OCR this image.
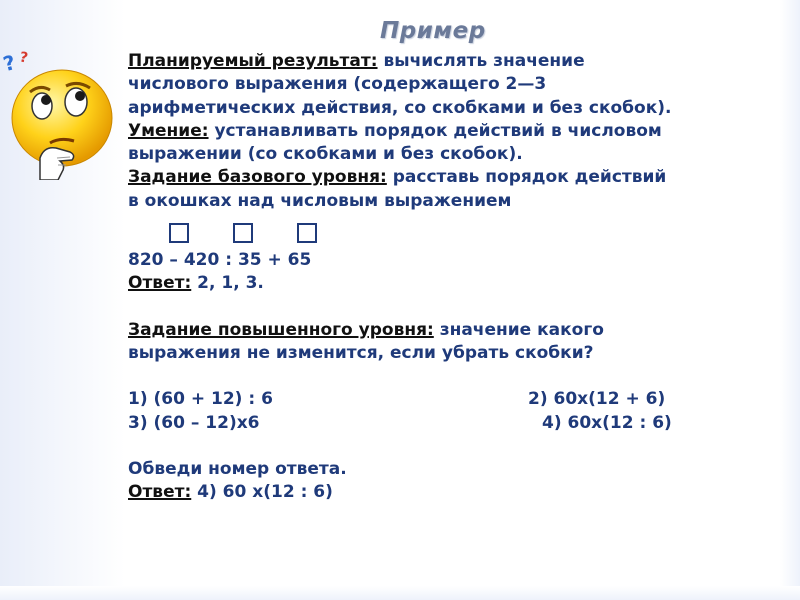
Пример
? ?	Планируемый результат: вычислять значение

числового выражения (содержащего 2—3

арифметических действия, со скобками и без скобок).

Умение: устанавливать порядок действий в числовом

выражении (со скобками и без скобок).

Задание базового уровня: расставь порядок действий

в окошках над числовым выражением

820 – 420 : 35 + 65

Ответ: 2, 1, 3.

Задание повышенного уровня: значение какого

выражения не изменится, если убрать скобки?

1) (60 + 12) : 6	2) 60х(12 + 6)
3) (60 – 12)х6	4) 60х(12 : 6)

Обведи номер ответа.

Ответ: 4) 60 х(12 : 6)
